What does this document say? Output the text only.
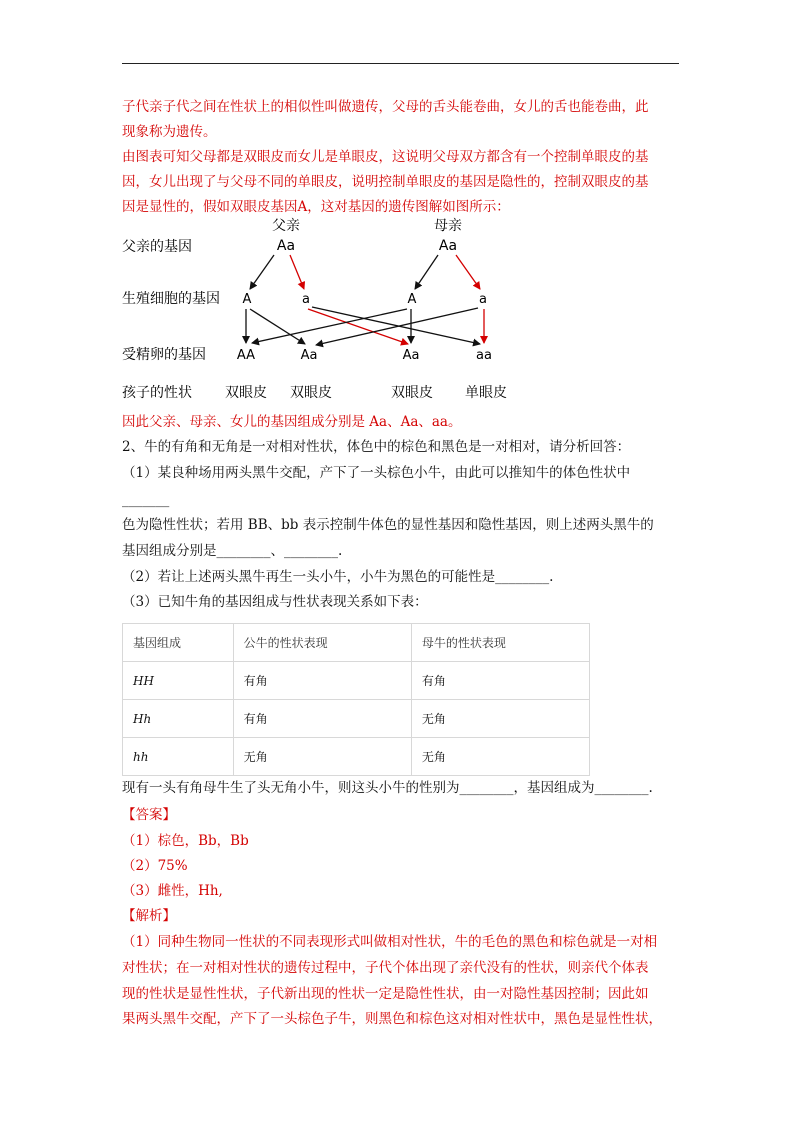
子代亲子代之间在性状上的相似性叫做遗传，父母的舌头能卷曲，女儿的舌也能卷曲，此
现象称为遗传。
由图表可知父母都是双眼皮而女儿是单眼皮，这说明父母双方都含有一个控制单眼皮的基
因，女儿出现了与父母不同的单眼皮，说明控制单眼皮的基因是隐性的，控制双眼皮的基
因是显性的，假如双眼皮基因A，这对基因的遗传图解如图所示：
父亲的基因
生殖细胞的基因
受精卵的基因
孩子的性状
父亲
Aa
母亲
Aa
A	a	A	a
AA	Aa	Aa	aa
双眼皮 双眼皮	双眼皮 单眼皮
因此父亲、母亲、女儿的基因组成分别是 Aa、Aa、aa。
2、牛的有角和无角是一对相对性状，体色中的棕色和黑色是一对相对，请分析回答：
（1）某良种场用两头黑牛交配，产下了一头棕色小牛，由此可以推知牛的体色性状中
_______
色为隐性性状；若用 BB、bb 表示控制牛体色的显性基因和隐性基因，则上述两头黑牛的
基因组成分别是________、________.
（2）若让上述两头黑牛再生一头小牛，小牛为黑色的可能性是________.
（3）已知牛角的基因组成与性状表现关系如下表：
基因组成	公牛的性状表现	母牛的性状表现
HH	有角	有角
Hh	有角	无角
hh	无角	无角
现有一头有角母牛生了头无角小牛，则这头小牛的性别为________，基因组成为________.
【答案】
（1）棕色，Bb，Bb
（2）75%
（3）雌性，Hh,
【解析】
（1）同种生物同一性状的不同表现形式叫做相对性状，牛的毛色的黑色和棕色就是一对相
对性状；在一对相对性状的遗传过程中，子代个体出现了亲代没有的性状，则亲代个体表
现的性状是显性性状，子代新出现的性状一定是隐性性状，由一对隐性基因控制；因此如
果两头黑牛交配，产下了一头棕色子牛，则黑色和棕色这对相对性状中，黑色是显性性状，
